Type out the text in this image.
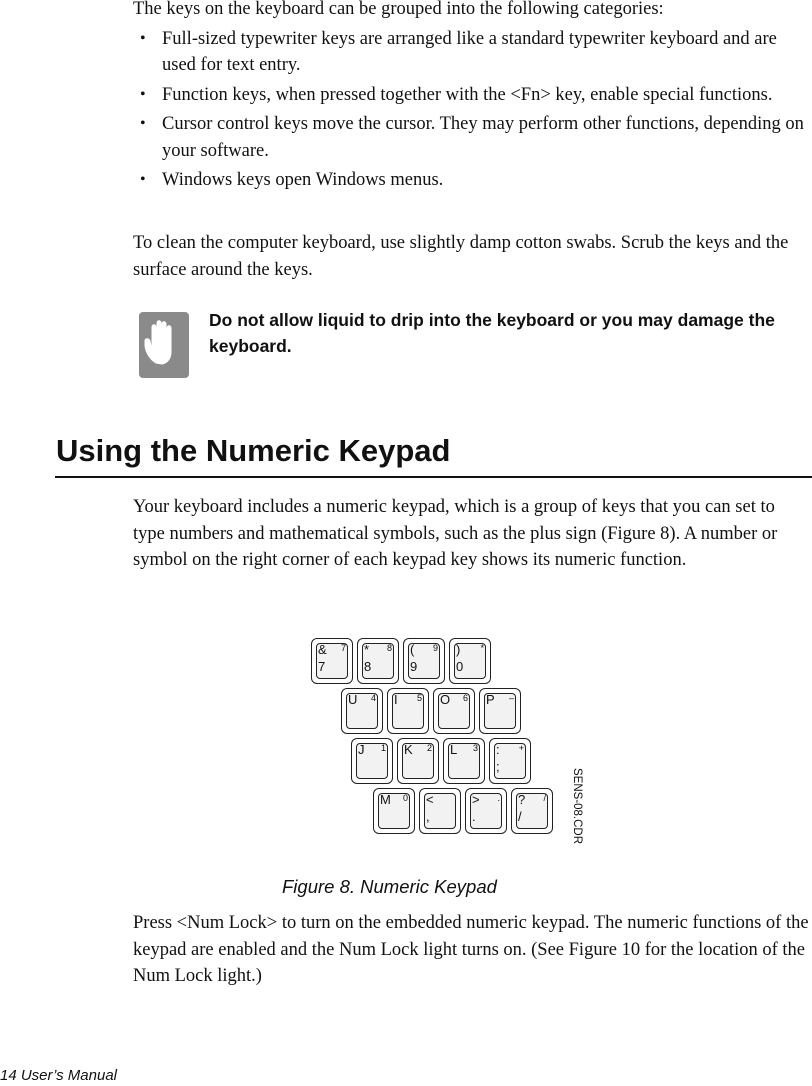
The keys on the keyboard can be grouped into the following categories:

• Full-sized typewriter keys are arranged like a standard typewriter keyboard and are used for text entry.
• Function keys, when pressed together with the <Fn> key, enable special functions.
• Cursor control keys move the cursor. They may perform other functions, depending on your software.
• Windows keys open Windows menus.

To clean the computer keyboard, use slightly damp cotton swabs. Scrub the keys and the surface around the keys.

Do not allow liquid to drip into the keyboard or you may damage the keyboard.

Using the Numeric Keypad

Your keyboard includes a numeric keypad, which is a group of keys that you can set to type numbers and mathematical symbols, such as the plus sign (Figure 8). A number or symbol on the right corner of each keypad key shows its numeric function.

&
7
7 *
8
8 (
9
9 )
0
*
U 4 I 5 O 6 P –
J 1 K 2 L 3 :
;
+
M 0 <
,
>
.
. ?
/
/ SENS-08.CDR
Figure 8. Numeric Keypad

Press <Num Lock> to turn on the embedded numeric keypad. The numeric functions of the keypad are enabled and the Num Lock light turns on. (See Figure 10 for the location of the Num Lock light.)

14 User’s Manual
